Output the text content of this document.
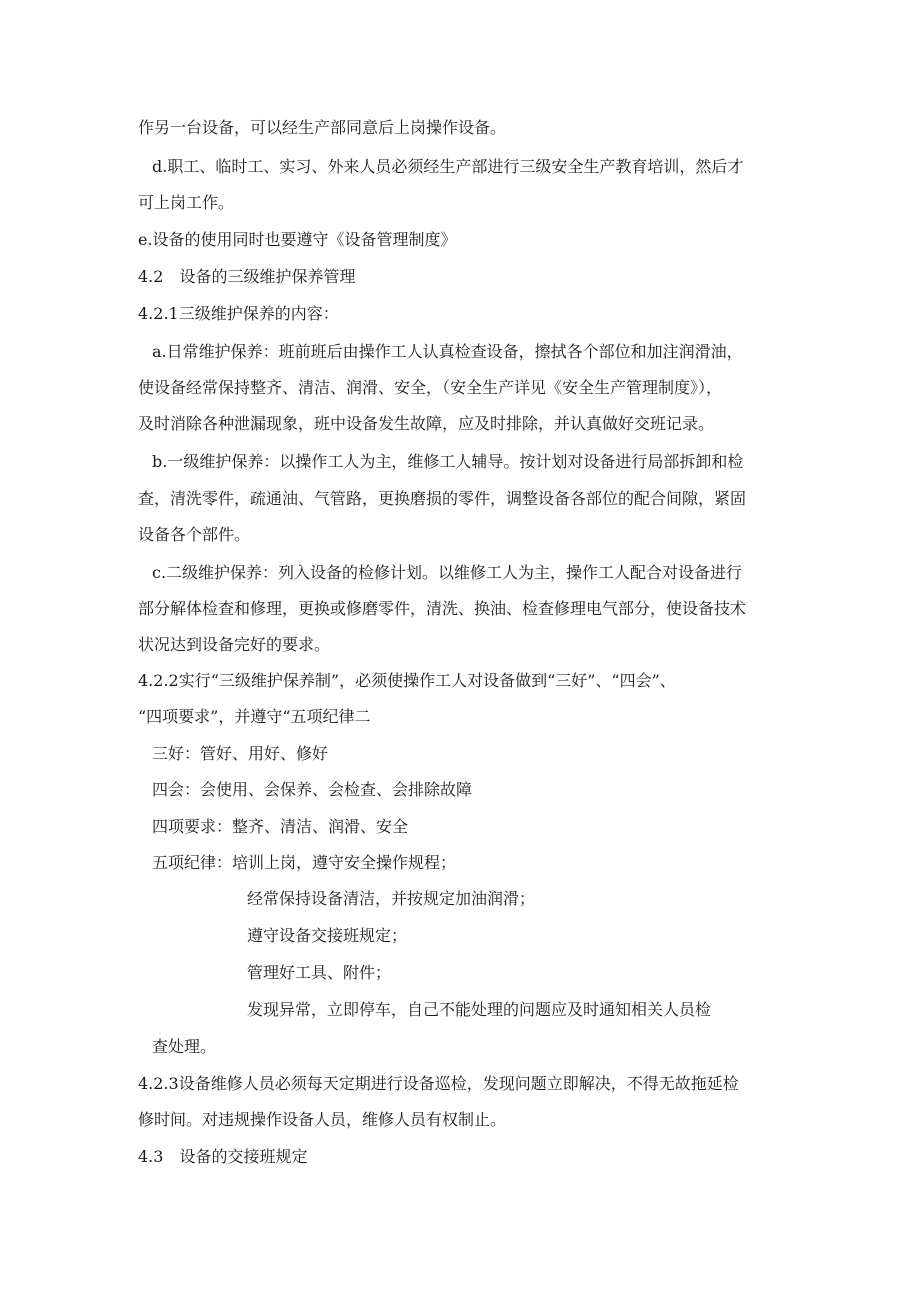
作另一台设备，可以经生产部同意后上岗操作设备。
d.职工、临时工、实习、外来人员必须经生产部进行三级安全生产教育培训，然后才
可上岗工作。
e.设备的使用同时也要遵守《设备管理制度》
4.2　设备的三级维护保养管理
4.2.1三级维护保养的内容：
a.日常维护保养：班前班后由操作工人认真检查设备，擦拭各个部位和加注润滑油，
使设备经常保持整齐、清洁、润滑、安全，（安全生产详见《安全生产管理制度》），
及时消除各种泄漏现象，班中设备发生故障，应及时排除，并认真做好交班记录。
b.一级维护保养：以操作工人为主，维修工人辅导。按计划对设备进行局部拆卸和检
查，清洗零件，疏通油、气管路，更换磨损的零件，调整设备各部位的配合间隙，紧固
设备各个部件。
c.二级维护保养：列入设备的检修计划。以维修工人为主，操作工人配合对设备进行
部分解体检查和修理，更换或修磨零件，清洗、换油、检查修理电气部分，使设备技术
状况达到设备完好的要求。
4.2.2实行“三级维护保养制”，必须使操作工人对设备做到“三好”、“四会”、
“四项要求”，并遵守“五项纪律二
三好：管好、用好、修好
四会：会使用、会保养、会检查、会排除故障
四项要求：整齐、清洁、润滑、安全
五项纪律：培训上岗，遵守安全操作规程；
经常保持设备清洁，并按规定加油润滑；
遵守设备交接班规定；
管理好工具、附件；
发现异常，立即停车，自己不能处理的问题应及时通知相关人员检
查处理。
4.2.3设备维修人员必须每天定期进行设备巡检，发现问题立即解决，不得无故拖延检
修时间。对违规操作设备人员，维修人员有权制止。
4.3　设备的交接班规定
